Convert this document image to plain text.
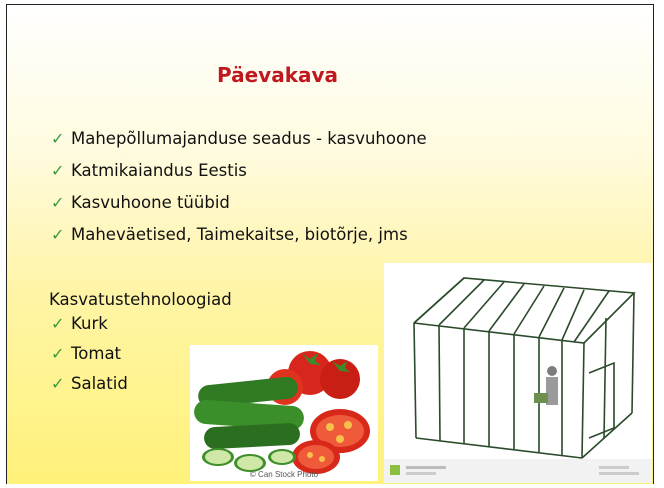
Päevakava
✓ Mahepõllumajanduse seadus - kasvuhoone
✓ Katmikaiandus Eestis
✓ Kasvuhoone tüübid
✓ Maheväetised, Taimekaitse, biotõrje, jms
Kasvatustehnoloogiad
✓ Kurk
✓ Tomat
✓ Salatid
© Can Stock Photo
